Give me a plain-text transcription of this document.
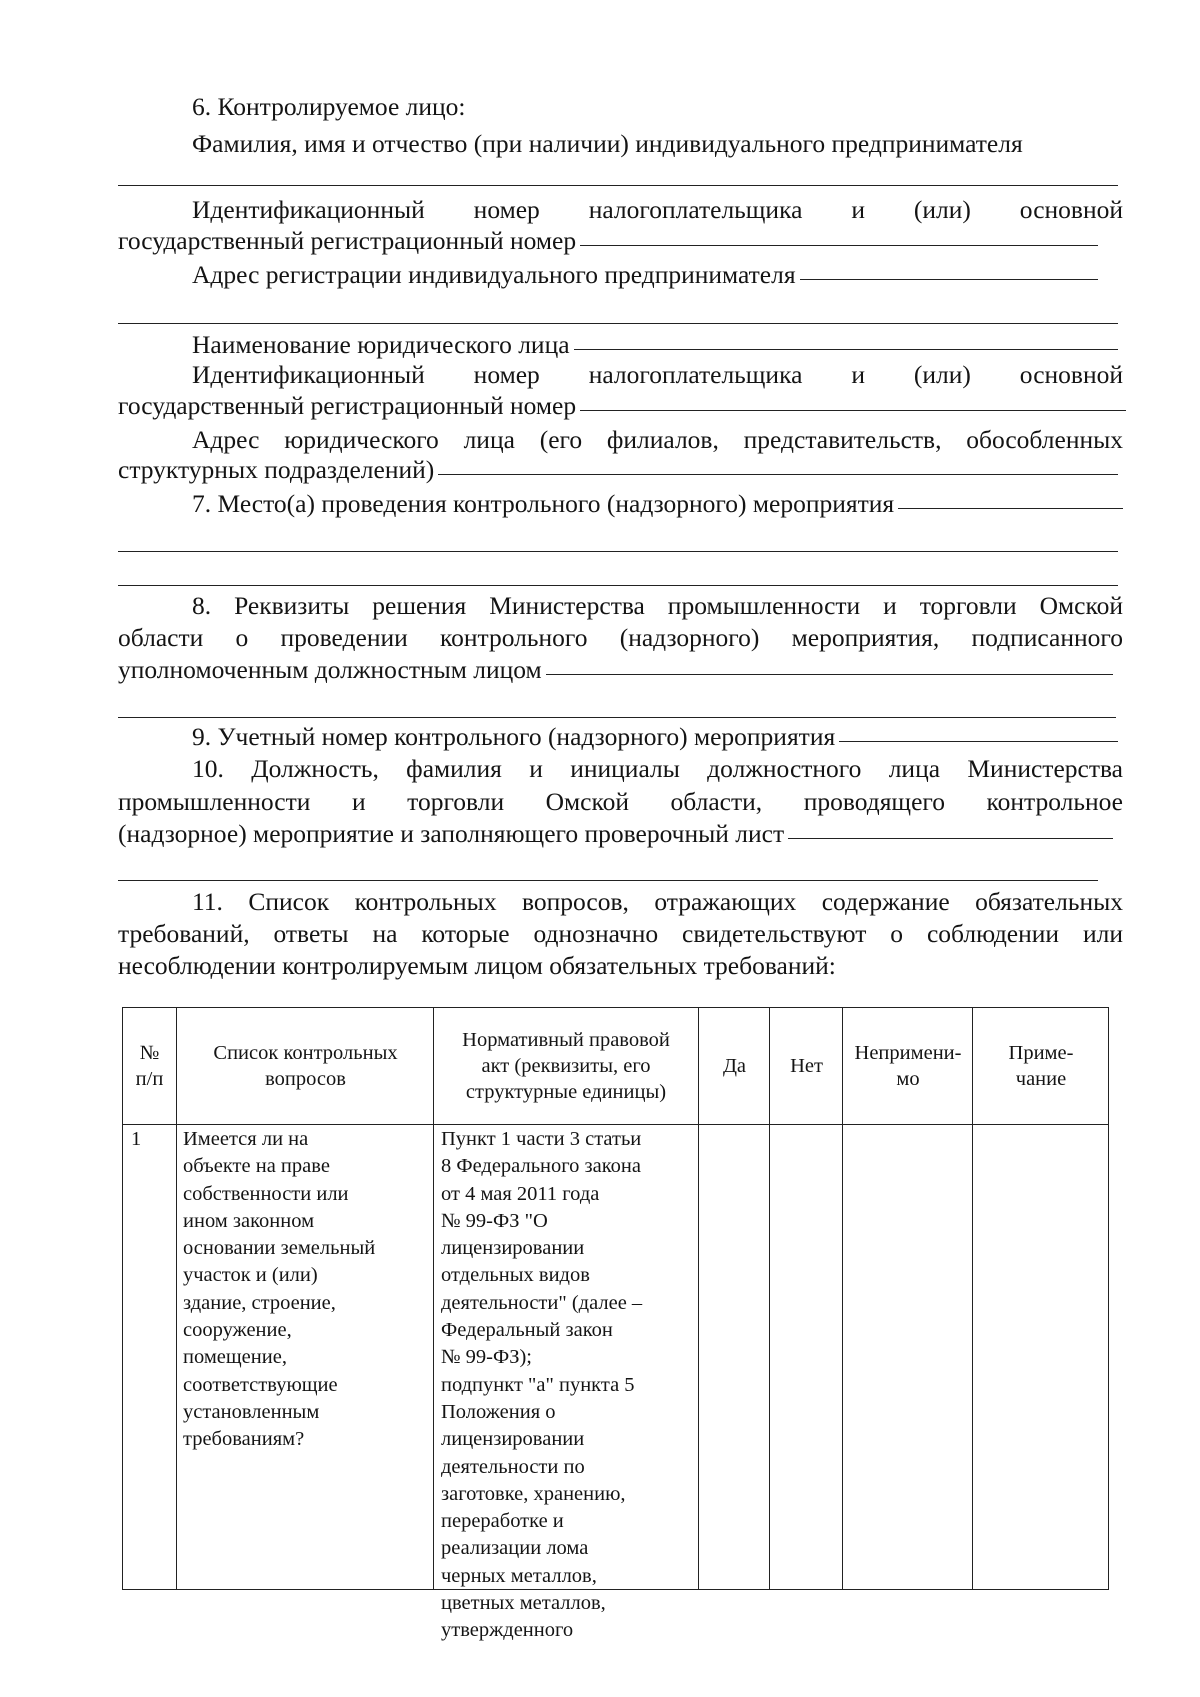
6. Контролируемое лицо:

Фамилия, имя и отчество (при наличии) индивидуального предпринимателя

Идентификационный номер налогоплательщика и (или) основной

государственный регистрационный номер
Адрес регистрации индивидуального предпринимателя
Наименование юридического лица

Идентификационный номер налогоплательщика и (или) основной

государственный регистрационный номер

Адрес юридического лица (его филиалов, представительств, обособленных

структурных подразделений)
7. Место(а) проведения контрольного (надзорного) мероприятия

8. Реквизиты решения Министерства промышленности и торговли Омской

области о проведении контрольного (надзорного) мероприятия, подписанного

уполномоченным должностным лицом
9. Учетный номер контрольного (надзорного) мероприятия

10. Должность, фамилия и инициалы должностного лица Министерства

промышленности и торговли Омской области, проводящего контрольное

(надзорное) мероприятие и заполняющего проверочный лист

11. Список контрольных вопросов, отражающих содержание обязательных

требований, ответы на которые однозначно свидетельствуют о соблюдении или

несоблюдении контролируемым лицом обязательных требований:

№
п/п
Список контрольных вопросов
Нормативный правовой акт (реквизиты, его структурные единицы)
Да	Нет
Непримени-мо
Приме-чание
1	Имеется ли на
объекте на праве
собственности или
ином законном
основании земельный
участок и (или)
здание, строение,
сооружение,
помещение,
соответствующие
установленным
требованиям?
Пункт 1 части 3 статьи
8 Федерального закона
от 4 мая 2011 года
№ 99-ФЗ "О
лицензировании
отдельных видов
деятельности" (далее –
Федеральный закон
№ 99-ФЗ);
подпункт "а" пункта 5
Положения о
лицензировании
деятельности по
заготовке, хранению,
переработке и
реализации лома
черных металлов,
цветных металлов,
утвержденного
